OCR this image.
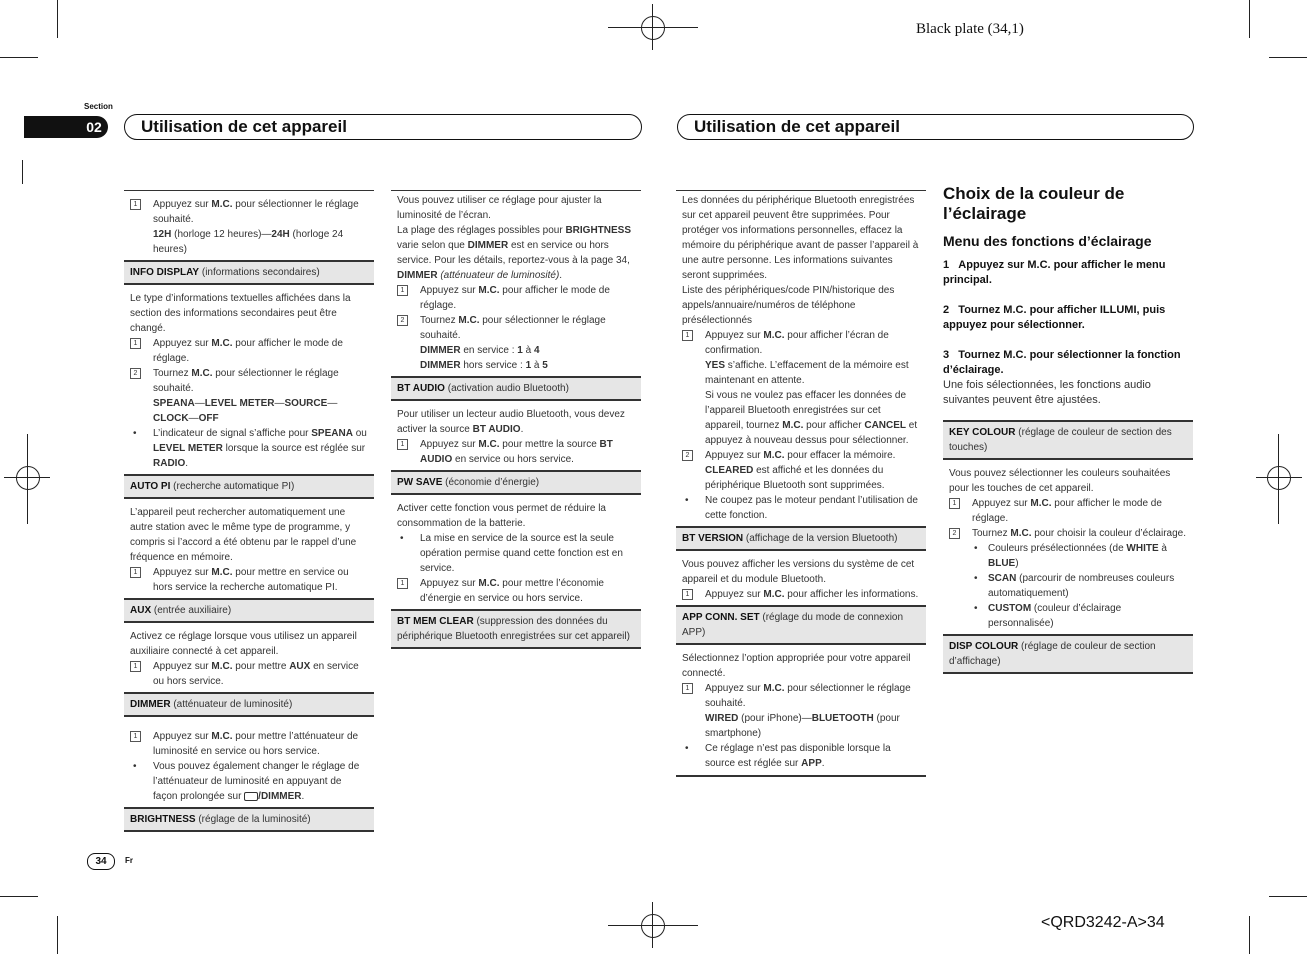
Black plate (34,1)
<QRD3242-A>34
Section
02	Utilisation de cet appareil	Utilisation de cet appareil
1	Appuyez sur M.C. pour sélectionner le réglage souhaité.
12H (horloge 12 heures)—24H (horloge 24 heures)
INFO DISPLAY (informations secondaires)

Le type d’informations textuelles affichées dans la section des informations secondaires peut être changé.

1	Appuyez sur M.C. pour afficher le mode de réglage.
2	Tournez M.C. pour sélectionner le réglage souhaité.
SPEANA—LEVEL METER—SOURCE—CLOCK—OFF
• L’indicateur de signal s’affiche pour SPEANA ou LEVEL METER lorsque la source est réglée sur RADIO.
AUTO PI (recherche automatique PI)

L’appareil peut rechercher automatiquement une autre station avec le même type de programme, y compris si l’accord a été obtenu par le rappel d’une fréquence en mémoire.

1	Appuyez sur M.C. pour mettre en service ou hors service la recherche automatique PI.
AUX (entrée auxiliaire)

Activez ce réglage lorsque vous utilisez un appareil auxiliaire connecté à cet appareil.

1	Appuyez sur M.C. pour mettre AUX en service ou hors service.
DIMMER (atténuateur de luminosité)
1	Appuyez sur M.C. pour mettre l’atténuateur de luminosité en service ou hors service.
• Vous pouvez également changer le réglage de l’atténuateur de luminosité en appuyant de façon prolongée sur /DIMMER.
BRIGHTNESS (réglage de la luminosité)

Vous pouvez utiliser ce réglage pour ajuster la luminosité de l’écran.

La plage des réglages possibles pour BRIGHTNESS varie selon que DIMMER est en service ou hors service. Pour les détails, reportez-vous à la page 34, DIMMER (atténuateur de luminosité).

1	Appuyez sur M.C. pour afficher le mode de réglage.
2	Tournez M.C. pour sélectionner le réglage souhaité.
DIMMER en service : 1 à 4
DIMMER hors service : 1 à 5
BT AUDIO (activation audio Bluetooth)

Pour utiliser un lecteur audio Bluetooth, vous devez activer la source BT AUDIO.

1	Appuyez sur M.C. pour mettre la source BT AUDIO en service ou hors service.
PW SAVE (économie d’énergie)

Activer cette fonction vous permet de réduire la consommation de la batterie.

• La mise en service de la source est la seule opération permise quand cette fonction est en service.
1	Appuyez sur M.C. pour mettre l’économie d’énergie en service ou hors service.
BT MEM CLEAR (suppression des données du périphérique Bluetooth enregistrées sur cet appareil)

Les données du périphérique Bluetooth enregistrées sur cet appareil peuvent être supprimées. Pour protéger vos informations personnelles, effacez la mémoire du périphérique avant de passer l’appareil à une autre personne. Les informations suivantes seront supprimées.

Liste des périphériques/code PIN/historique des appels/annuaire/numéros de téléphone présélectionnés

1	Appuyez sur M.C. pour afficher l’écran de confirmation.
YES s’affiche. L’effacement de la mémoire est maintenant en attente.
Si vous ne voulez pas effacer les données de l’appareil Bluetooth enregistrées sur cet appareil, tournez M.C. pour afficher CANCEL et appuyez à nouveau dessus pour sélectionner.
2	Appuyez sur M.C. pour effacer la mémoire.
CLEARED est affiché et les données du périphérique Bluetooth sont supprimées.
• Ne coupez pas le moteur pendant l’utilisation de cette fonction.
BT VERSION (affichage de la version Bluetooth)

Vous pouvez afficher les versions du système de cet appareil et du module Bluetooth.

1	Appuyez sur M.C. pour afficher les informations.
APP CONN. SET (réglage du mode de connexion APP)

Sélectionnez l’option appropriée pour votre appareil connecté.

1	Appuyez sur M.C. pour sélectionner le réglage souhaité.
WIRED (pour iPhone)—BLUETOOTH (pour smartphone)
• Ce réglage n’est pas disponible lorsque la source est réglée sur APP.
Choix de la couleur de l’éclairage
Menu des fonctions d’éclairage
1 Appuyez sur M.C. pour afficher le menu principal.
2 Tournez M.C. pour afficher ILLUMI, puis appuyez pour sélectionner.
3 Tournez M.C. pour sélectionner la fonction d’éclairage.
Une fois sélectionnées, les fonctions audio suivantes peuvent être ajustées.
KEY COLOUR (réglage de couleur de section des touches)

Vous pouvez sélectionner les couleurs souhaitées pour les touches de cet appareil.

1	Appuyez sur M.C. pour afficher le mode de réglage.
2	Tournez M.C. pour choisir la couleur d’éclairage.
• Couleurs présélectionnées (de WHITE à BLUE)
• SCAN (parcourir de nombreuses couleurs automatiquement)
• CUSTOM (couleur d’éclairage personnalisée)
DISP COLOUR (réglage de couleur de section d’affichage)
34	Fr
